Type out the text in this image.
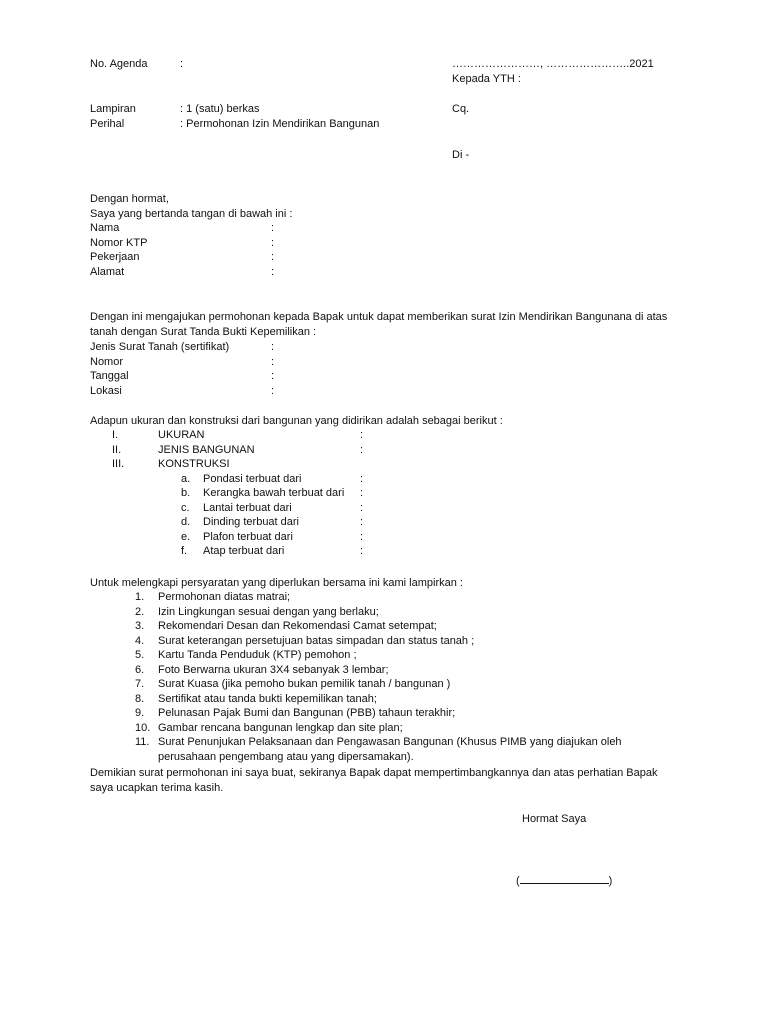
No. Agenda	:	……………………, …………………..2021
Kepada YTH :
Lampiran	: 1 (satu) berkas	Cq.
Perihal	: Permohonan Izin Mendirikan Bangunan
Di -
Dengan hormat,
Saya yang bertanda tangan di bawah ini :
Nama	:
Nomor KTP	:
Pekerjaan	:
Alamat	:
Dengan ini mengajukan permohonan kepada Bapak untuk dapat memberikan surat Izin Mendirikan Bangunana di atas tanah dengan Surat Tanda Bukti Kepemilikan :
Jenis Surat Tanah (sertifikat)	:
Nomor	:
Tanggal	:
Lokasi	:
Adapun ukuran dan konstruksi dari bangunan yang didirikan adalah sebagai berikut :
I.	UKURAN	:
II.	JENIS BANGUNAN	:
III.	KONSTRUKSI
a. Pondasi terbuat dari	:
b. Kerangka bawah terbuat dari :
c. Lantai terbuat dari	:
d. Dinding terbuat dari	:
e. Plafon terbuat dari	:
f. Atap terbuat dari	:
Untuk melengkapi persyaratan yang diperlukan bersama ini kami lampirkan :
1. Permohonan diatas matrai;
2. Izin Lingkungan sesuai dengan yang berlaku;
3. Rekomendari Desan dan Rekomendasi Camat setempat;
4. Surat keterangan persetujuan batas simpadan dan status tanah ;
5. Kartu Tanda Penduduk (KTP) pemohon ;
6. Foto Berwarna ukuran 3X4 sebanyak 3 lembar;
7. Surat Kuasa (jika pemoho bukan pemilik tanah / bangunan )
8. Sertifikat atau tanda bukti kepemilikan tanah;
9. Pelunasan Pajak Bumi dan Bangunan (PBB) tahaun terakhir;
10. Gambar rencana bangunan lengkap dan site plan;
11. Surat Penunjukan Pelaksanaan dan Pengawasan Bangunan (Khusus PIMB yang diajukan oleh
perusahaan pengembang atau yang dipersamakan).
Demikian surat permohonan ini saya buat, sekiranya Bapak dapat mempertimbangkannya dan atas perhatian Bapak saya ucapkan terima kasih.
Hormat Saya
(	)
